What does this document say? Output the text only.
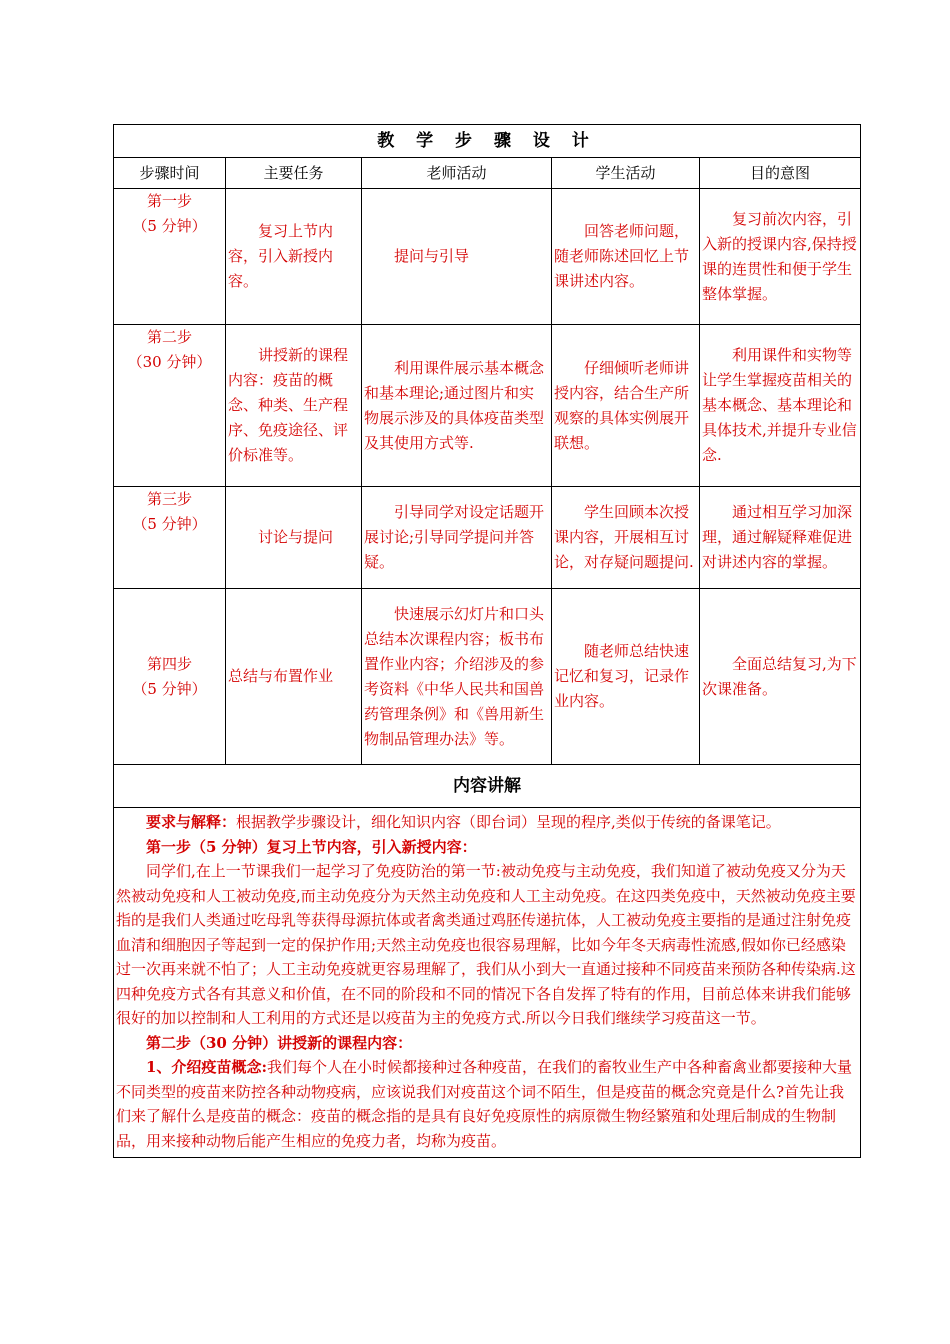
教 学 步 骤 设 计				
步骤时间	主要任务	老师活动	学生活动	目的意图

第一步
（5 分钟）	复习上节内容，引入新授内容。	提问与引导	回答老师问题，随老师陈述回忆上节课讲述内容。	复习前次内容，引入新的授课内容,保持授课的连贯性和便于学生整体掌握。

第二步
（30 分钟）	讲授新的课程内容：疫苗的概念、种类、生产程序、免疫途径、评价标准等。	利用课件展示基本概念和基本理论;通过图片和实物展示涉及的具体疫苗类型及其使用方式等.	仔细倾听老师讲授内容，结合生产所观察的具体实例展开联想。	利用课件和实物等让学生掌握疫苗相关的基本概念、基本理论和具体技术,并提升专业信念.

第三步
（5 分钟）	讨论与提问	引导同学对设定话题开展讨论;引导同学提问并答疑。	学生回顾本次授课内容，开展相互讨论，对存疑问题提问.	通过相互学习加深理，通过解疑释难促进对讲述内容的掌握。

第四步
（5 分钟）	总结与布置作业	快速展示幻灯片和口头总结本次课程内容；板书布置作业内容；介绍涉及的参考资料《中华人民共和国兽药管理条例》和《兽用新生物制品管理办法》等。	随老师总结快速记忆和复习，记录作业内容。	全面总结复习,为下次课准备。
内容讲解				

要求与解释：根据教学步骤设计，细化知识内容（即台词）呈现的程序,类似于传统的备课笔记。

第一步（5 分钟）复习上节内容，引入新授内容：

同学们,在上一节课我们一起学习了免疫防治的第一节:被动免疫与主动免疫，我们知道了被动免疫又分为天然被动免疫和人工被动免疫,而主动免疫分为天然主动免疫和人工主动免疫。在这四类免疫中，天然被动免疫主要指的是我们人类通过吃母乳等获得母源抗体或者禽类通过鸡胚传递抗体，人工被动免疫主要指的是通过注射免疫血清和细胞因子等起到一定的保护作用;天然主动免疫也很容易理解，比如今年冬天病毒性流感,假如你已经感染过一次再来就不怕了；人工主动免疫就更容易理解了，我们从小到大一直通过接种不同疫苗来预防各种传染病.这四种免疫方式各有其意义和价值，在不同的阶段和不同的情况下各自发挥了特有的作用，目前总体来讲我们能够很好的加以控制和人工利用的方式还是以疫苗为主的免疫方式.所以今日我们继续学习疫苗这一节。

第二步（30 分钟）讲授新的课程内容：

1、介绍疫苗概念:我们每个人在小时候都接种过各种疫苗，在我们的畜牧业生产中各种畜禽业都要接种大量不同类型的疫苗来防控各种动物疫病，应该说我们对疫苗这个词不陌生，但是疫苗的概念究竟是什么?首先让我们来了解什么是疫苗的概念：疫苗的概念指的是具有良好免疫原性的病原微生物经繁殖和处理后制成的生物制品，用来接种动物后能产生相应的免疫力者，均称为疫苗。				
